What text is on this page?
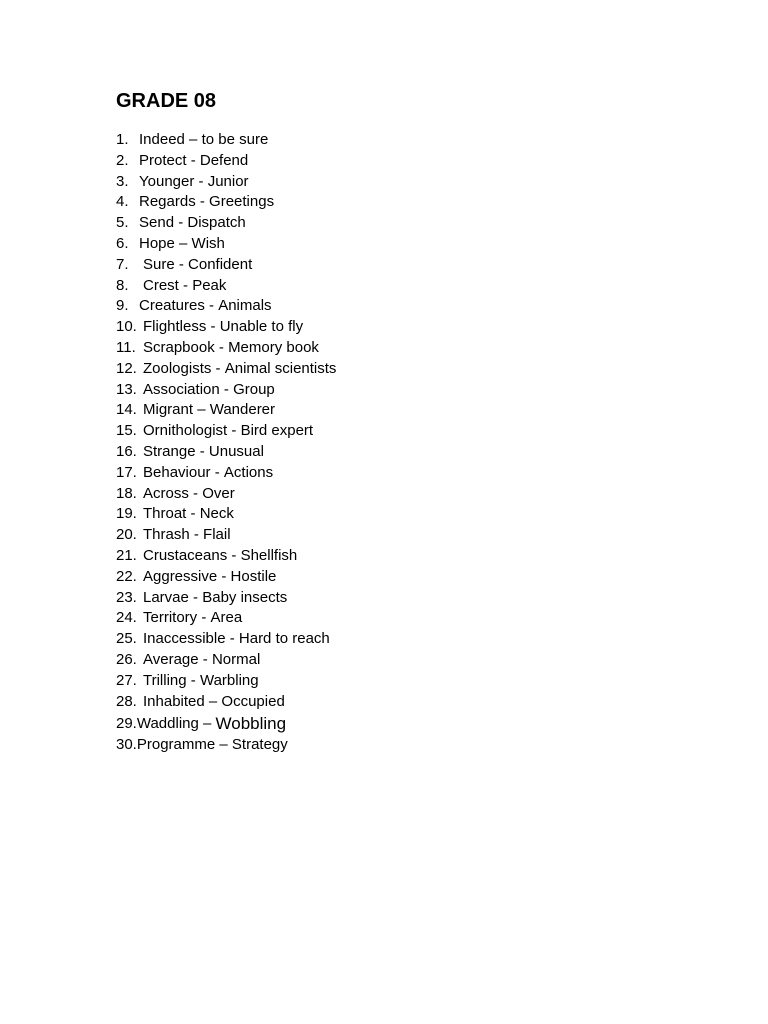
GRADE 08
1. Indeed – to be sure
2. Protect - Defend
3. Younger - Junior
4. Regards - Greetings
5. Send - Dispatch
6. Hope – Wish
7. Sure - Confident
8. Crest - Peak
9. Creatures - Animals
10. Flightless - Unable to fly
11. Scrapbook - Memory book
12. Zoologists - Animal scientists
13. Association - Group
14. Migrant – Wanderer
15. Ornithologist - Bird expert
16. Strange - Unusual
17. Behaviour - Actions
18. Across - Over
19. Throat - Neck
20. Thrash - Flail
21. Crustaceans - Shellfish
22. Aggressive - Hostile
23. Larvae - Baby insects
24. Territory - Area
25. Inaccessible - Hard to reach
26. Average - Normal
27. Trilling - Warbling
28. Inhabited – Occupied
29. Waddling – Wobbling
30. Programme – Strategy
